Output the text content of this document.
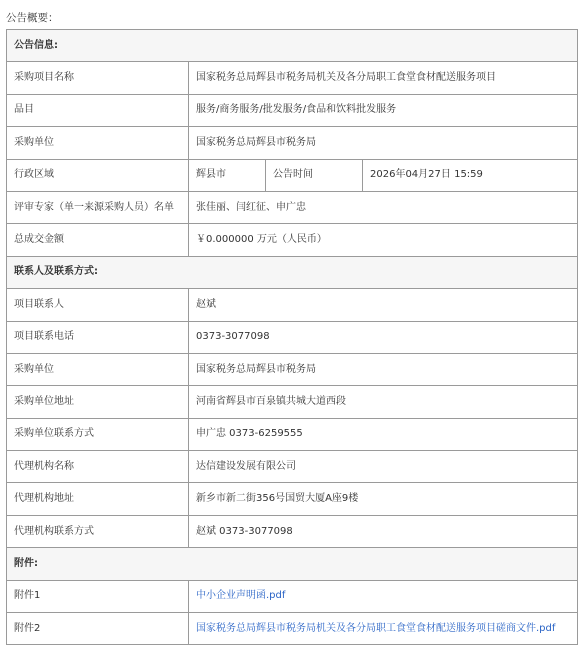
公告概要：
公告信息:			
采购项目名称	国家税务总局辉县市税务局机关及各分局职工食堂食材配送服务项目		
品目	服务/商务服务/批发服务/食品和饮料批发服务		
采购单位	国家税务总局辉县市税务局		
行政区域	辉县市	公告时间	2026年04月27日 15:59
评审专家（单一来源采购人员）名单	张佳丽、闫红征、申广忠		
总成交金额	￥0.000000 万元（人民币）		
联系人及联系方式:			
项目联系人	赵斌		
项目联系电话	0373-3077098		
采购单位	国家税务总局辉县市税务局		
采购单位地址	河南省辉县市百泉镇共城大道西段		
采购单位联系方式	申广忠 0373-6259555		
代理机构名称	达信建设发展有限公司		
代理机构地址	新乡市新二街356号国贸大厦A座9楼		
代理机构联系方式	赵斌 0373-3077098		
附件:			
附件1	中小企业声明函.pdf		
附件2	国家税务总局辉县市税务局机关及各分局职工食堂食材配送服务项目磋商文件.pdf		
